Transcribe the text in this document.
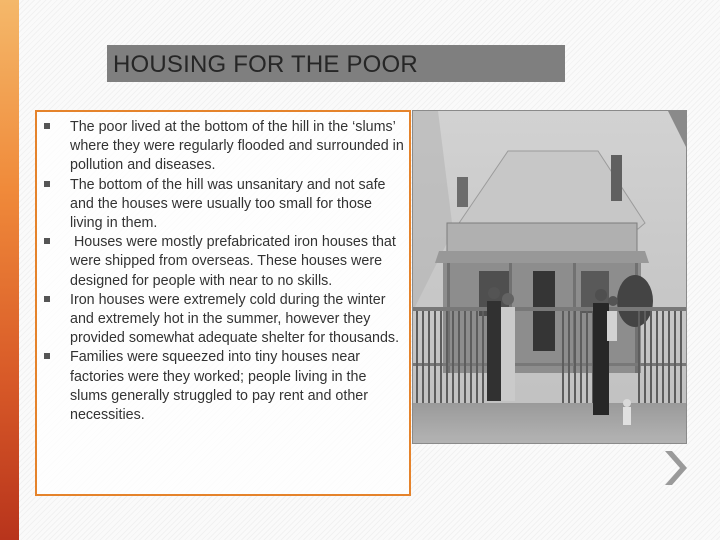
HOUSING FOR THE POOR
The poor lived at the bottom of the hill in the ‘slums’ where they were regularly flooded and surrounded in pollution and diseases.
The bottom of the hill was unsanitary and not safe and the houses were usually too small for those living in them.
Houses were mostly prefabricated iron houses that were shipped from overseas. These houses were designed for people with near to no skills.
Iron houses were extremely cold during the winter and extremely hot in the summer, however they provided somewhat adequate shelter for thousands.
Families were squeezed into tiny houses near factories were they worked; people living in the slums generally struggled to pay rent and other necessities.
